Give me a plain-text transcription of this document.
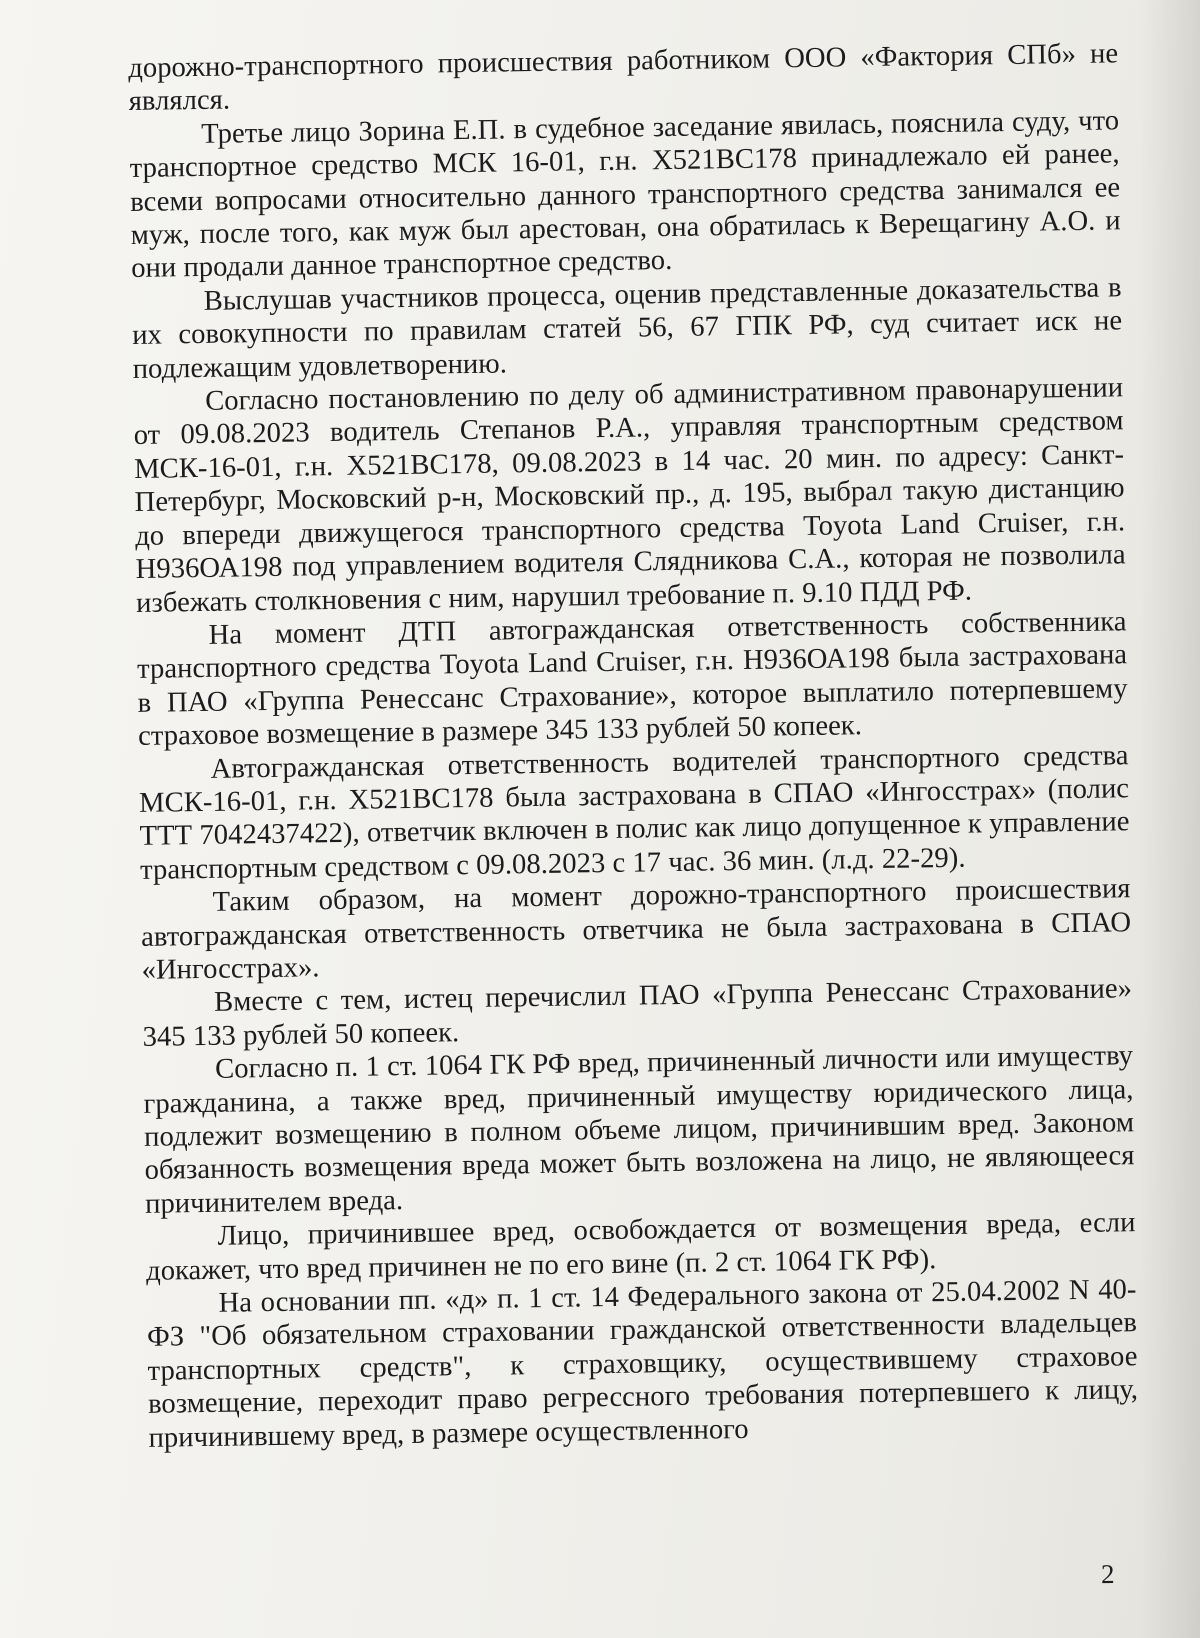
дорожно-транспортного происшествия работником ООО «Фактория СПб» не являлся.

Третье лицо Зорина Е.П. в судебное заседание явилась, пояснила суду, что транспортное средство МСК 16-01, г.н. Х521ВС178 принадлежало ей ранее, всеми вопросами относительно данного транспортного средства занимался ее муж, после того, как муж был арестован, она обратилась к Верещагину А.О. и они продали данное транспортное средство.

Выслушав участников процесса, оценив представленные доказательства в их совокупности по правилам статей 56, 67 ГПК РФ, суд считает иск не подлежащим удовлетворению.

Согласно постановлению по делу об административном правонарушении от 09.08.2023 водитель Степанов Р.А., управляя транспортным средством МСК-16-01, г.н. Х521ВС178, 09.08.2023 в 14 час. 20 мин. по адресу: Санкт-Петербург, Московский р-н, Московский пр., д. 195, выбрал такую дистанцию до впереди движущегося транспортного средства Toyota Land Cruiser, г.н. Н936ОА198 под управлением водителя Слядникова С.А., которая не позволила избежать столкновения с ним, нарушил требование п. 9.10 ПДД РФ.

На момент ДТП автогражданская ответственность собственника транспортного средства Toyota Land Cruiser, г.н. Н936ОА198 была застрахована в ПАО «Группа Ренессанс Страхование», которое выплатило потерпевшему страховое возмещение в размере 345 133 рублей 50 копеек.

Автогражданская ответственность водителей транспортного средства МСК-16-01, г.н. Х521ВС178 была застрахована в СПАО «Ингосстрах» (полис ТТТ 7042437422), ответчик включен в полис как лицо допущенное к управление транспортным средством с 09.08.2023 с 17 час. 36 мин. (л.д. 22-29).

Таким образом, на момент дорожно-транспортного происшествия автогражданская ответственность ответчика не была застрахована в СПАО «Ингосстрах».

Вместе с тем, истец перечислил ПАО «Группа Ренессанс Страхование» 345 133 рублей 50 копеек.

Согласно п. 1 ст. 1064 ГК РФ вред, причиненный личности или имуществу гражданина, а также вред, причиненный имуществу юридического лица, подлежит возмещению в полном объеме лицом, причинившим вред. Законом обязанность возмещения вреда может быть возложена на лицо, не являющееся причинителем вреда.

Лицо, причинившее вред, освобождается от возмещения вреда, если докажет, что вред причинен не по его вине (п. 2 ст. 1064 ГК РФ).

На основании пп. «д» п. 1 ст. 14 Федерального закона от 25.04.2002 N 40-ФЗ "Об обязательном страховании гражданской ответственности владельцев транспортных средств", к страховщику, осуществившему страховое возмещение, переходит право регрессного требования потерпевшего к лицу, причинившему вред, в размере осуществленного

2
